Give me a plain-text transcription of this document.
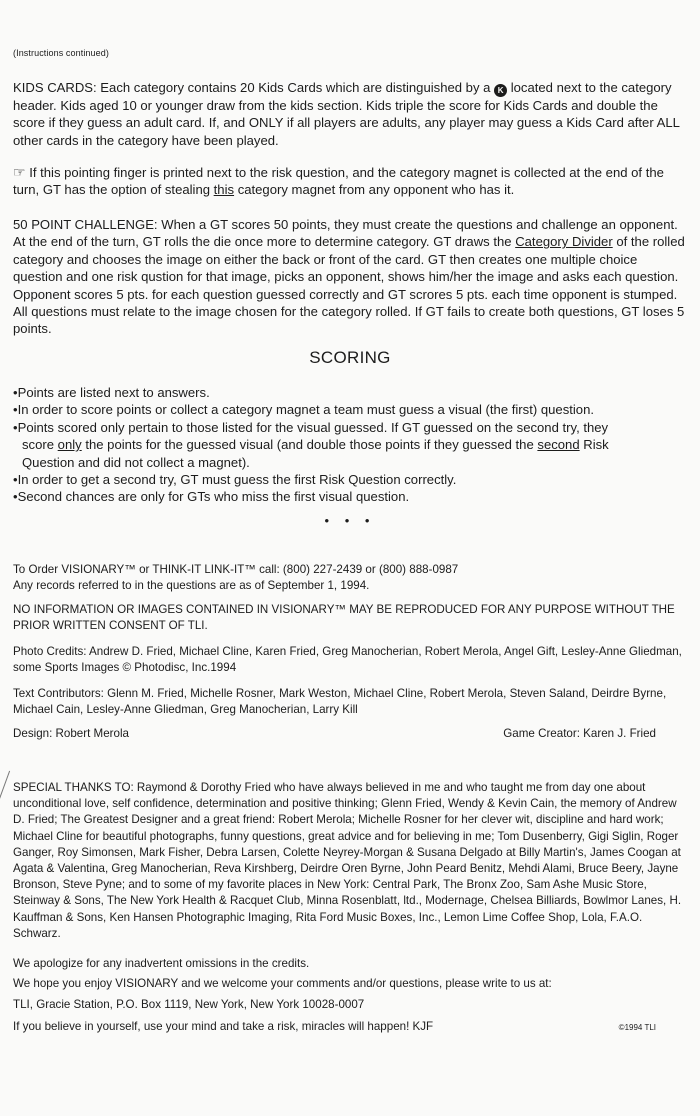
(Instructions continued)

KIDS CARDS: Each category contains 20 Kids Cards which are distinguished by a K located next to the category header. Kids aged 10 or younger draw from the kids section. Kids triple the score for Kids Cards and double the score if they guess an adult card. If, and ONLY if all players are adults, any player may guess a Kids Card after ALL other cards in the category have been played.

☞ If this pointing finger is printed next to the risk question, and the category magnet is collected at the end of the turn, GT has the option of stealing this category magnet from any opponent who has it.

50 POINT CHALLENGE: When a GT scores 50 points, they must create the questions and challenge an opponent. At the end of the turn, GT rolls the die once more to determine category. GT draws the Category Divider of the rolled category and chooses the image on either the back or front of the card. GT then creates one multiple choice question and one risk qustion for that image, picks an opponent, shows him/her the image and asks each question. Opponent scores 5 pts. for each question guessed correctly and GT scrores 5 pts. each time opponent is stumped. All questions must relate to the image chosen for the category rolled. If GT fails to create both questions, GT loses 5 points.

SCORING
•Points are listed next to answers.
•In order to score points or collect a category magnet a team must guess a visual (the first) question.
•Points scored only pertain to those listed for the visual guessed. If GT guessed on the second try, they
score only the points for the guessed visual (and double those points if they guessed the second Risk
Question and did not collect a magnet).
•In order to get a second try, GT must guess the first Risk Question correctly.
•Second chances are only for GTs who miss the first visual question.
• • •
To Order VISIONARY™ or THINK-IT LINK-IT™ call: (800) 227-2439 or (800) 888-0987
Any records referred to in the questions are as of September 1, 1994.

NO INFORMATION OR IMAGES CONTAINED IN VISIONARY™ MAY BE REPRODUCED FOR ANY PURPOSE WITHOUT THE PRIOR WRITTEN CONSENT OF TLI.

Photo Credits: Andrew D. Fried, Michael Cline, Karen Fried, Greg Manocherian, Robert Merola, Angel Gift, Lesley-Anne Gliedman, some Sports Images © Photodisc, Inc.1994

Text Contributors: Glenn M. Fried, Michelle Rosner, Mark Weston, Michael Cline, Robert Merola, Steven Saland, Deirdre Byrne, Michael Cain, Lesley-Anne Gliedman, Greg Manocherian, Larry Kill

Design: Robert Merola	Game Creator: Karen J. Fried

SPECIAL THANKS TO: Raymond & Dorothy Fried who have always believed in me and who taught me from day one about unconditional love, self confidence, determination and positive thinking; Glenn Fried, Wendy & Kevin Cain, the memory of Andrew D. Fried; The Greatest Designer and a great friend: Robert Merola; Michelle Rosner for her clever wit, discipline and hard work; Michael Cline for beautiful photographs, funny questions, great advice and for believing in me; Tom Dusenberry, Gigi Siglin, Roger Ganger, Roy Simonsen, Mark Fisher, Debra Larsen, Colette Neyrey-Morgan & Susana Delgado at Billy Martin's, James Coogan at Agata & Valentina, Greg Manocherian, Reva Kirshberg, Deirdre Oren Byrne, John Peard Benitz, Mehdi Alami, Bruce Beery, Jayne Bronson, Steve Pyne; and to some of my favorite places in New York: Central Park, The Bronx Zoo, Sam Ashe Music Store, Steinway & Sons, The New York Health & Racquet Club, Minna Rosenblatt, ltd., Modernage, Chelsea Billiards, Bowlmor Lanes, H. Kauffman & Sons, Ken Hansen Photographic Imaging, Rita Ford Music Boxes, Inc., Lemon Lime Coffee Shop, Lola, F.A.O. Schwarz.

We apologize for any inadvertent omissions in the credits.

We hope you enjoy VISIONARY and we welcome your comments and/or questions, please write to us at:

TLI, Gracie Station, P.O. Box 1119, New York, New York 10028-0007

If you believe in yourself, use your mind and take a risk, miracles will happen! KJF	©1994 TLI
